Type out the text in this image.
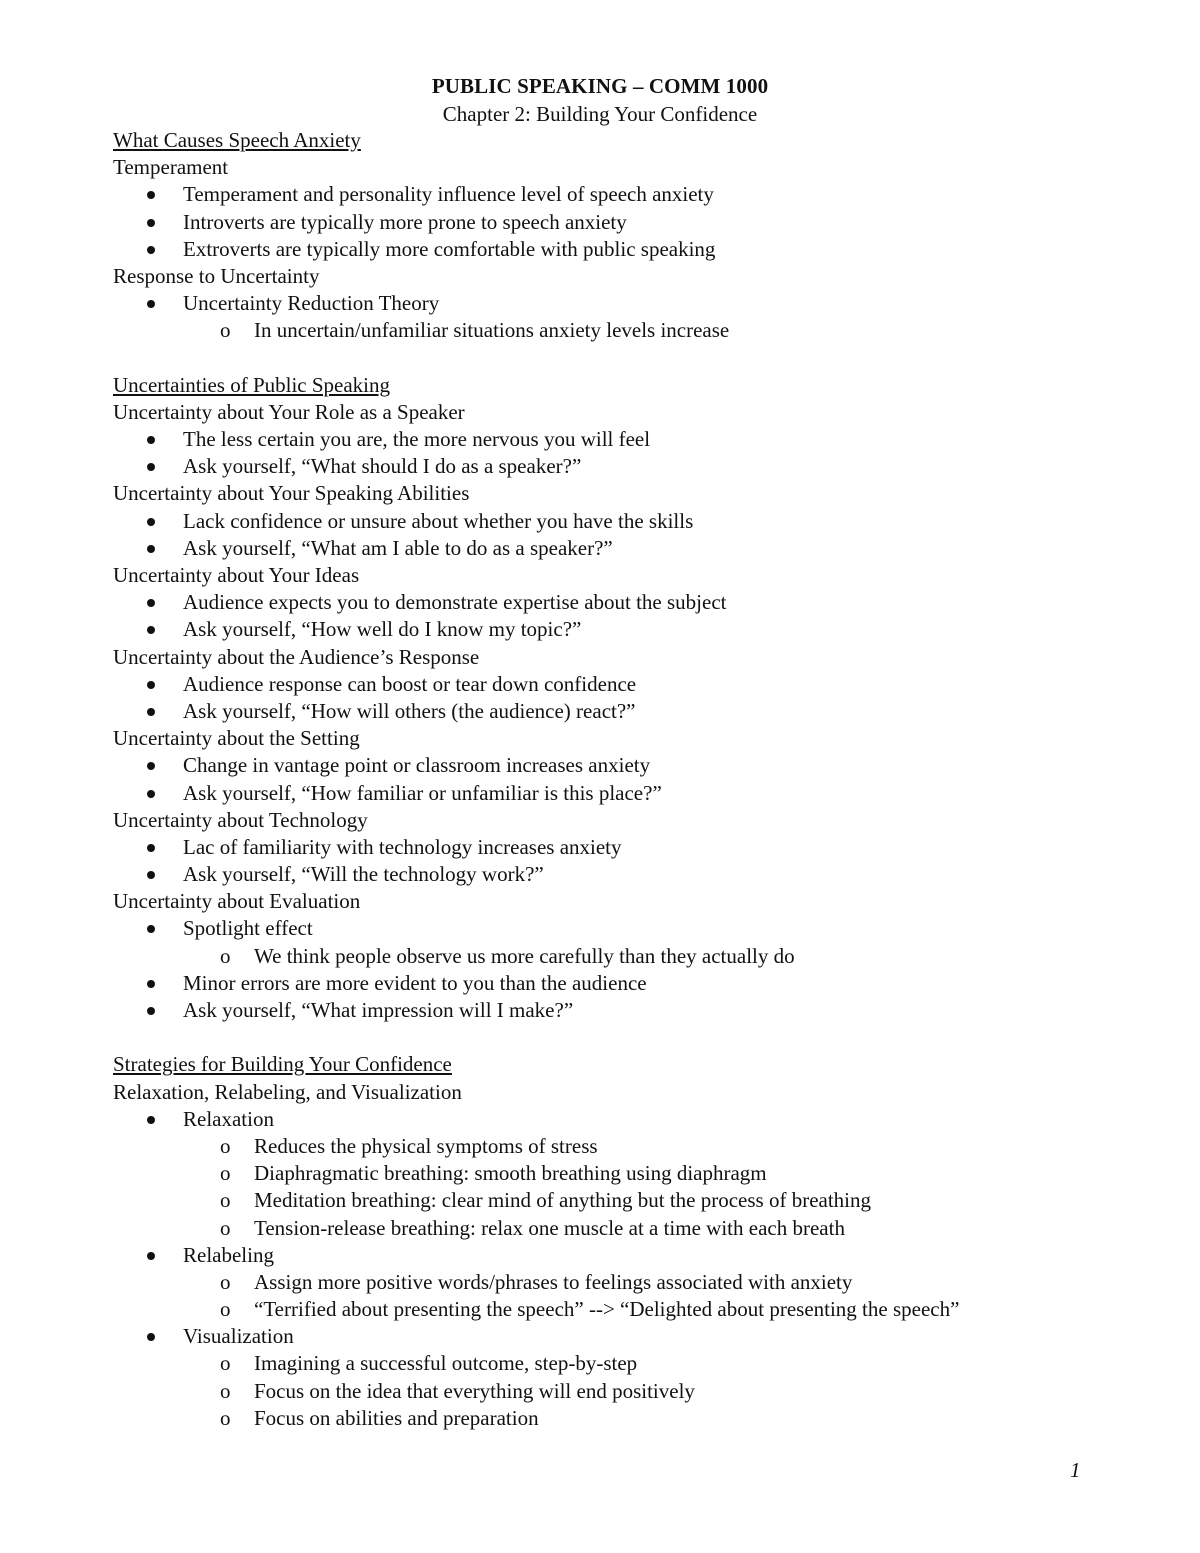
PUBLIC SPEAKING – COMM 1000
Chapter 2: Building Your Confidence
What Causes Speech Anxiety
Temperament
Temperament and personality influence level of speech anxiety
Introverts are typically more prone to speech anxiety
Extroverts are typically more comfortable with public speaking
Response to Uncertainty
Uncertainty Reduction Theory
o In uncertain/unfamiliar situations anxiety levels increase
Uncertainties of Public Speaking
Uncertainty about Your Role as a Speaker
The less certain you are, the more nervous you will feel
Ask yourself, “What should I do as a speaker?”
Uncertainty about Your Speaking Abilities
Lack confidence or unsure about whether you have the skills
Ask yourself, “What am I able to do as a speaker?”
Uncertainty about Your Ideas
Audience expects you to demonstrate expertise about the subject
Ask yourself, “How well do I know my topic?”
Uncertainty about the Audience’s Response
Audience response can boost or tear down confidence
Ask yourself, “How will others (the audience) react?”
Uncertainty about the Setting
Change in vantage point or classroom increases anxiety
Ask yourself, “How familiar or unfamiliar is this place?”
Uncertainty about Technology
Lac of familiarity with technology increases anxiety
Ask yourself, “Will the technology work?”
Uncertainty about Evaluation
Spotlight effect
o We think people observe us more carefully than they actually do
Minor errors are more evident to you than the audience
Ask yourself, “What impression will I make?”
Strategies for Building Your Confidence
Relaxation, Relabeling, and Visualization
Relaxation
o Reduces the physical symptoms of stress
o Diaphragmatic breathing: smooth breathing using diaphragm
o Meditation breathing: clear mind of anything but the process of breathing
o Tension-release breathing: relax one muscle at a time with each breath
Relabeling
o Assign more positive words/phrases to feelings associated with anxiety
o “Terrified about presenting the speech” --> “Delighted about presenting the speech”
Visualization
o Imagining a successful outcome, step-by-step
o Focus on the idea that everything will end positively
o Focus on abilities and preparation
1
